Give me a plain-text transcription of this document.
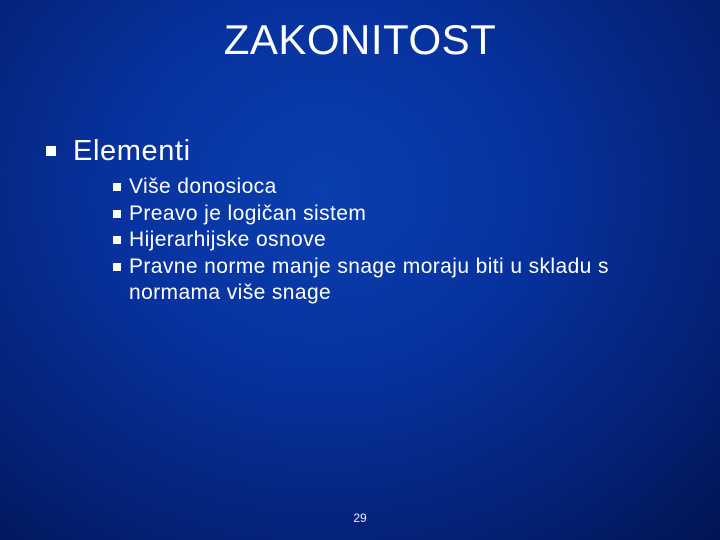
ZAKONITOST
Elementi
Više donosioca
Preavo je logičan sistem
Hijerarhijske osnove
Pravne norme manje snage moraju biti u skladu s normama više snage
29
